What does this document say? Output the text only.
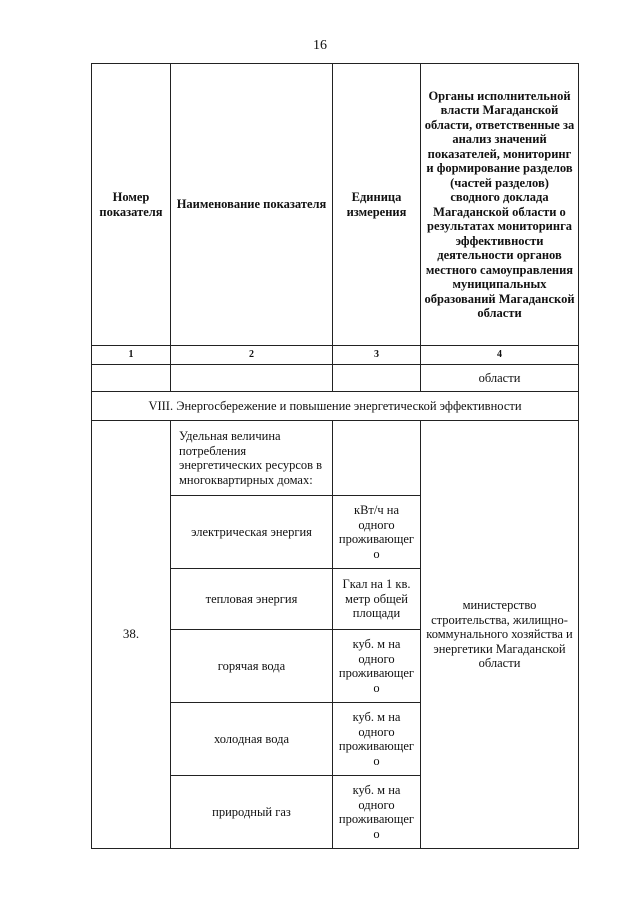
16
Номер показателя	Наименование показателя	Единица измерения	Органы исполнительной власти Магаданской области, ответственные за анализ значений показателей, мониторинг и формирование разделов (частей разделов) сводного доклада Магаданской области о результатах мониторинга эффективности деятельности органов местного самоуправления муниципальных образований Магаданской области
1	2	3	4
			области
VIII. Энергосбережение и повышение энергетической эффективности			
38.	Удельная величина потребления энергетических ресурсов в многоквартирных домах:		министерство строительства, жилищно-коммунального хозяйства и энергетики Магаданской области
	электрическая энергия	кВт/ч на одного проживающего	
	тепловая энергия	Гкал на 1 кв. метр общей площади	
	горячая вода	куб. м на одного проживающего	
	холодная вода	куб. м на одного проживающего	
	природный газ	куб. м на одного проживающего	
